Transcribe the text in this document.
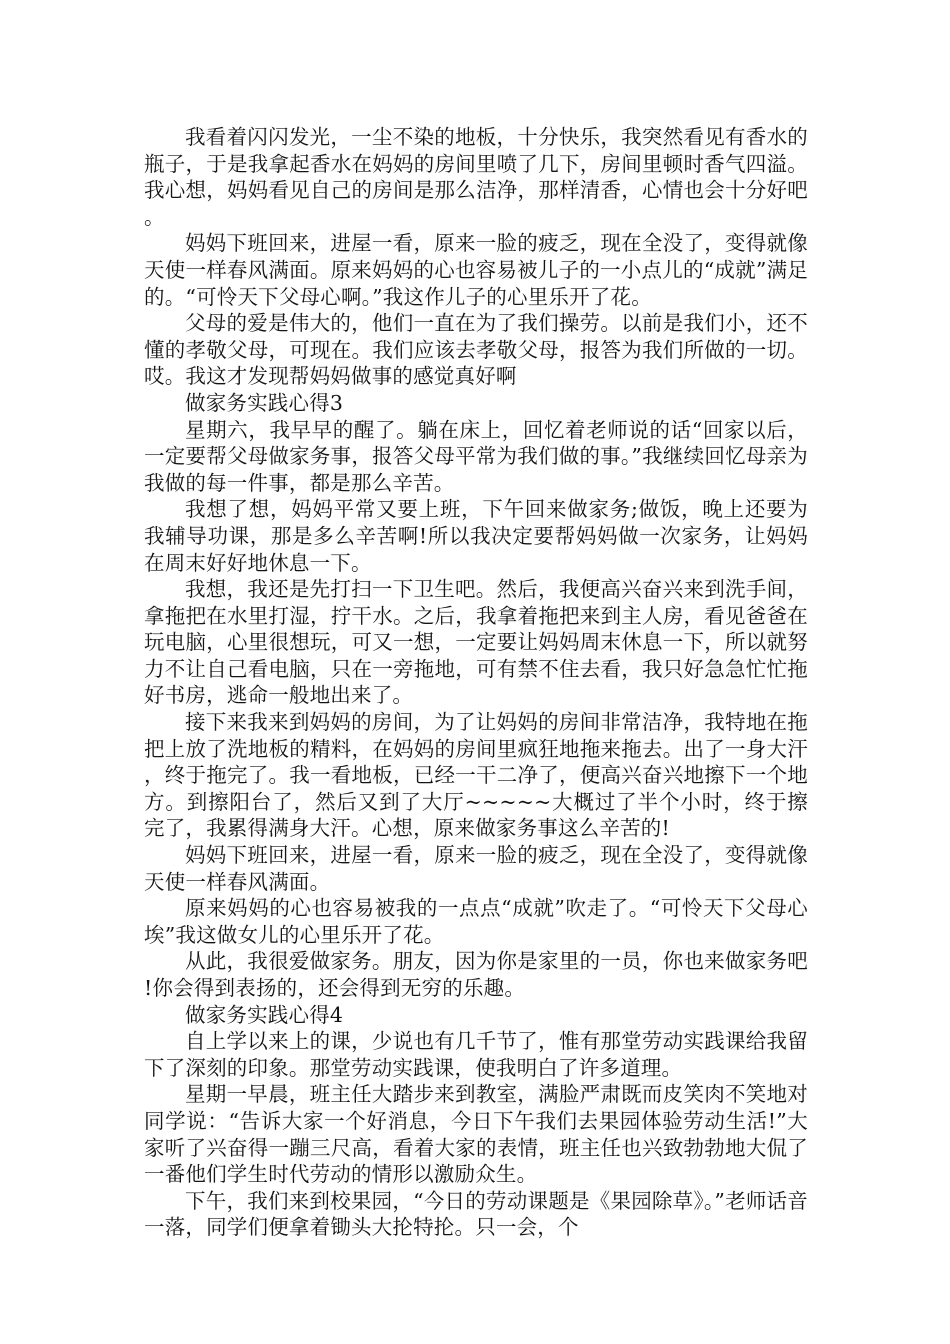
我看着闪闪发光，一尘不染的地板，十分快乐，我突然看见有香水的瓶子，于是我拿起香水在妈妈的房间里喷了几下，房间里顿时香气四溢。我心想，妈妈看见自己的房间是那么洁净，那样清香，心情也会十分好吧。

妈妈下班回来，进屋一看，原来一脸的疲乏，现在全没了，变得就像天使一样春风满面。原来妈妈的心也容易被儿子的一小点儿的“成就”满足的。“可怜天下父母心啊。”我这作儿子的心里乐开了花。

父母的爱是伟大的，他们一直在为了我们操劳。以前是我们小，还不懂的孝敬父母，可现在。我们应该去孝敬父母，报答为我们所做的一切。哎。我这才发现帮妈妈做事的感觉真好啊

做家务实践心得3

星期六，我早早的醒了。躺在床上，回忆着老师说的话“回家以后，一定要帮父母做家务事，报答父母平常为我们做的事。”我继续回忆母亲为我做的每一件事，都是那么辛苦。

我想了想，妈妈平常又要上班，下午回来做家务;做饭，晚上还要为我辅导功课，那是多么辛苦啊!所以我决定要帮妈妈做一次家务，让妈妈在周末好好地休息一下。

我想，我还是先打扫一下卫生吧。然后，我便高兴奋兴来到洗手间，拿拖把在水里打湿，拧干水。之后，我拿着拖把来到主人房，看见爸爸在玩电脑，心里很想玩，可又一想，一定要让妈妈周末休息一下，所以就努力不让自己看电脑，只在一旁拖地，可有禁不住去看，我只好急急忙忙拖好书房，逃命一般地出来了。

接下来我来到妈妈的房间，为了让妈妈的房间非常洁净，我特地在拖把上放了洗地板的精料，在妈妈的房间里疯狂地拖来拖去。出了一身大汗，终于拖完了。我一看地板，已经一干二净了，便高兴奋兴地擦下一个地方。到擦阳台了，然后又到了大厅~~~~~大概过了半个小时，终于擦完了，我累得满身大汗。心想，原来做家务事这么辛苦的!

妈妈下班回来，进屋一看，原来一脸的疲乏，现在全没了，变得就像天使一样春风满面。

原来妈妈的心也容易被我的一点点“成就”吹走了。“可怜天下父母心埃”我这做女儿的心里乐开了花。

从此，我很爱做家务。朋友，因为你是家里的一员，你也来做家务吧!你会得到表扬的，还会得到无穷的乐趣。

做家务实践心得4

自上学以来上的课，少说也有几千节了，惟有那堂劳动实践课给我留下了深刻的印象。那堂劳动实践课，使我明白了许多道理。

星期一早晨，班主任大踏步来到教室，满脸严肃既而皮笑肉不笑地对同学说：“告诉大家一个好消息，今日下午我们去果园体验劳动生活!”大家听了兴奋得一蹦三尺高，看着大家的表情，班主任也兴致勃勃地大侃了一番他们学生时代劳动的情形以激励众生。

下午，我们来到校果园，“今日的劳动课题是《果园除草》。”老师话音一落，同学们便拿着锄头大抡特抡。只一会，个
